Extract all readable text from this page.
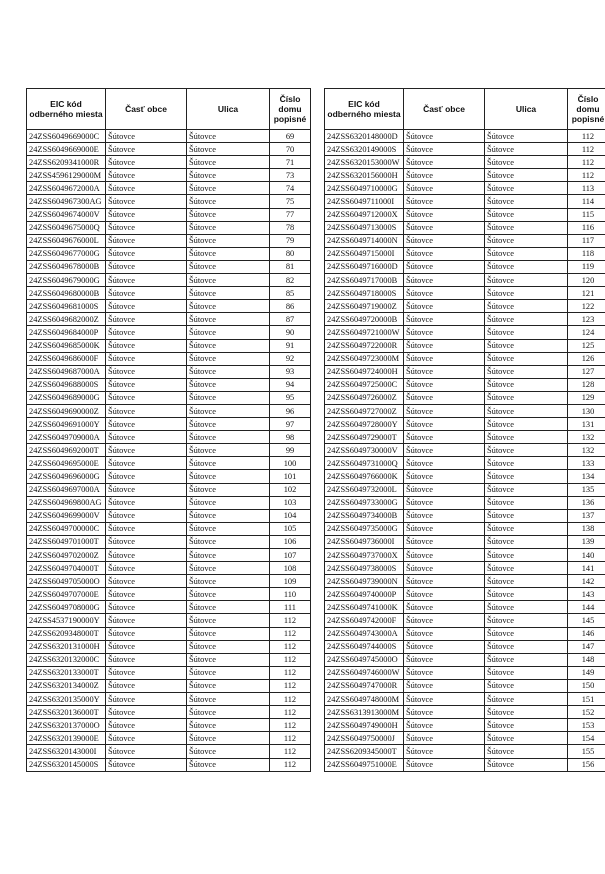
EIC kód odberného miesta	Časť obce	Ulica	Číslo domu popisné
24ZSS6049669000C	Šútovce	Šútovce	69
24ZSS6049669000E	Šútovce	Šútovce	70
24ZSS6209341000R	Šútovce	Šútovce	71
24ZSS4596129000M	Šútovce	Šútovce	73
24ZSS6049672000A	Šútovce	Šútovce	74
24ZSS604967300AG	Šútovce	Šútovce	75
24ZSS6049674000V	Šútovce	Šútovce	77
24ZSS6049675000Q	Šútovce	Šútovce	78
24ZSS6049676000L	Šútovce	Šútovce	79
24ZSS6049677000G	Šútovce	Šútovce	80
24ZSS6049678000B	Šútovce	Šútovce	81
24ZSS6049679000G	Šútovce	Šútovce	82
24ZSS6049680000B	Šútovce	Šútovce	85
24ZSS6049681000S	Šútovce	Šútovce	86
24ZSS6049682000Z	Šútovce	Šútovce	87
24ZSS6049684000P	Šútovce	Šútovce	90
24ZSS6049685000K	Šútovce	Šútovce	91
24ZSS6049686000F	Šútovce	Šútovce	92
24ZSS6049687000A	Šútovce	Šútovce	93
24ZSS6049688000S	Šútovce	Šútovce	94
24ZSS6049689000G	Šútovce	Šútovce	95
24ZSS6049690000Z	Šútovce	Šútovce	96
24ZSS6049691000Y	Šútovce	Šútovce	97
24ZSS6049709000A	Šútovce	Šútovce	98
24ZSS6049692000T	Šútovce	Šútovce	99
24ZSS6049695000E	Šútovce	Šútovce	100
24ZSS6049696000G	Šútovce	Šútovce	101
24ZSS6049697000A	Šútovce	Šútovce	102
24ZSS604969800AG	Šútovce	Šútovce	103
24ZSS6049699000V	Šútovce	Šútovce	104
24ZSS6049700000C	Šútovce	Šútovce	105
24ZSS6049701000T	Šútovce	Šútovce	106
24ZSS6049702000Z	Šútovce	Šútovce	107
24ZSS6049704000T	Šútovce	Šútovce	108
24ZSS6049705000O	Šútovce	Šútovce	109
24ZSS6049707000E	Šútovce	Šútovce	110
24ZSS6049708000G	Šútovce	Šútovce	111
24ZSS4537190000Y	Šútovce	Šútovce	112
24ZSS6209348000T	Šútovce	Šútovce	112
24ZSS6320131000H	Šútovce	Šútovce	112
24ZSS6320132000C	Šútovce	Šútovce	112
24ZSS6320133000T	Šútovce	Šútovce	112
24ZSS6320134000Z	Šútovce	Šútovce	112
24ZSS6320135000Y	Šútovce	Šútovce	112
24ZSS6320136000T	Šútovce	Šútovce	112
24ZSS6320137000O	Šútovce	Šútovce	112
24ZSS6320139000E	Šútovce	Šútovce	112
24ZSS6320143000I	Šútovce	Šútovce	112
24ZSS6320145000S	Šútovce	Šútovce	112
EIC kód odberného miesta	Časť obce	Ulica	Číslo domu popisné
24ZSS6320148000D	Šútovce	Šútovce	112
24ZSS6320149000S	Šútovce	Šútovce	112
24ZSS6320153000W	Šútovce	Šútovce	112
24ZSS6320156000H	Šútovce	Šútovce	112
24ZSS6049710000G	Šútovce	Šútovce	113
24ZSS6049711000I	Šútovce	Šútovce	114
24ZSS6049712000X	Šútovce	Šútovce	115
24ZSS6049713000S	Šútovce	Šútovce	116
24ZSS6049714000N	Šútovce	Šútovce	117
24ZSS6049715000I	Šútovce	Šútovce	118
24ZSS6049716000D	Šútovce	Šútovce	119
24ZSS6049717000B	Šútovce	Šútovce	120
24ZSS6049718000S	Šútovce	Šútovce	121
24ZSS6049719000Z	Šútovce	Šútovce	122
24ZSS6049720000B	Šútovce	Šútovce	123
24ZSS6049721000W	Šútovce	Šútovce	124
24ZSS6049722000R	Šútovce	Šútovce	125
24ZSS6049723000M	Šútovce	Šútovce	126
24ZSS6049724000H	Šútovce	Šútovce	127
24ZSS6049725000C	Šútovce	Šútovce	128
24ZSS6049726000Z	Šútovce	Šútovce	129
24ZSS6049727000Z	Šútovce	Šútovce	130
24ZSS6049728000Y	Šútovce	Šútovce	131
24ZSS6049729000T	Šútovce	Šútovce	132
24ZSS6049730000V	Šútovce	Šútovce	132
24ZSS6049731000Q	Šútovce	Šútovce	133
24ZSS6049766000K	Šútovce	Šútovce	134
24ZSS6049732000L	Šútovce	Šútovce	135
24ZSS6049733000G	Šútovce	Šútovce	136
24ZSS6049734000B	Šútovce	Šútovce	137
24ZSS6049735000G	Šútovce	Šútovce	138
24ZSS6049736000I	Šútovce	Šútovce	139
24ZSS6049737000X	Šútovce	Šútovce	140
24ZSS6049738000S	Šútovce	Šútovce	141
24ZSS6049739000N	Šútovce	Šútovce	142
24ZSS6049740000P	Šútovce	Šútovce	143
24ZSS6049741000K	Šútovce	Šútovce	144
24ZSS6049742000F	Šútovce	Šútovce	145
24ZSS6049743000A	Šútovce	Šútovce	146
24ZSS6049744000S	Šútovce	Šútovce	147
24ZSS6049745000O	Šútovce	Šútovce	148
24ZSS6049746000W	Šútovce	Šútovce	149
24ZSS6049747000R	Šútovce	Šútovce	150
24ZSS6049748000M	Šútovce	Šútovce	151
24ZSS6313913000M	Šútovce	Šútovce	152
24ZSS6049749000H	Šútovce	Šútovce	153
24ZSS6049750000J	Šútovce	Šútovce	154
24ZSS6209345000T	Šútovce	Šútovce	155
24ZSS6049751000E	Šútovce	Šútovce	156
